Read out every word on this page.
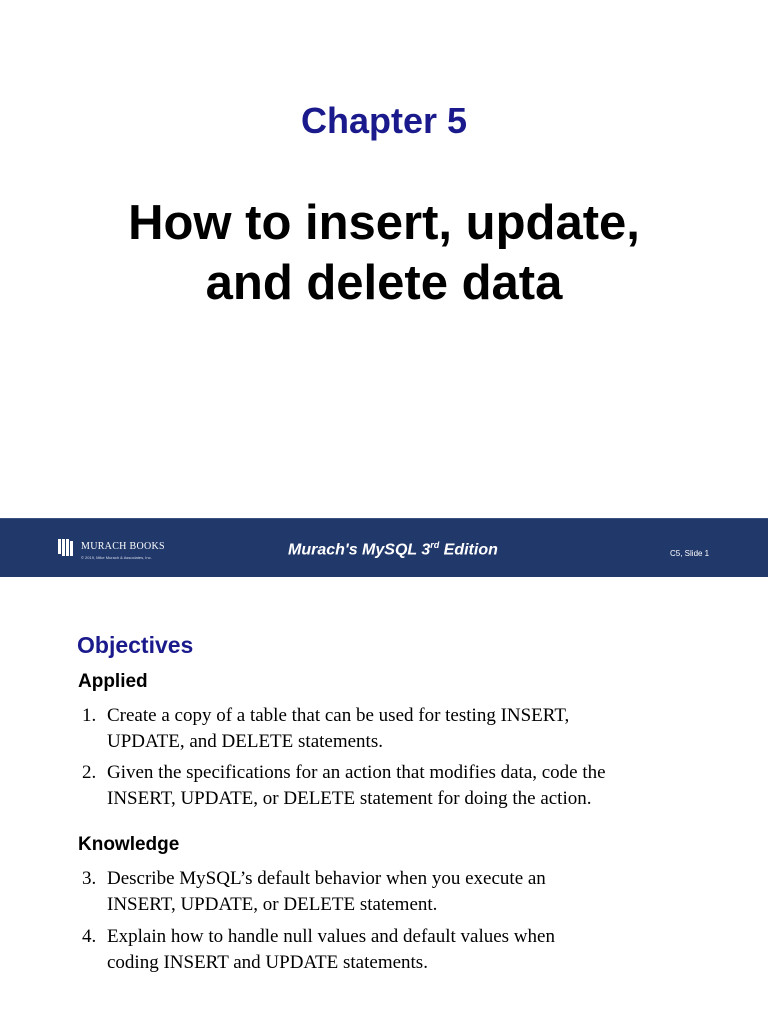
Chapter 5
How to insert, update,
and delete data
MURACH BOOKS
© 2019, Mike Murach & Associates, Inc.	Murach's MySQL 3rd Edition	C5, Slide 1
Objectives
Applied
1. Create a copy of a table that can be used for testing INSERT,
UPDATE, and DELETE statements.
2. Given the specifications for an action that modifies data, code the
INSERT, UPDATE, or DELETE statement for doing the action.
Knowledge
3. Describe MySQL’s default behavior when you execute an
INSERT, UPDATE, or DELETE statement.
4. Explain how to handle null values and default values when
coding INSERT and UPDATE statements.
